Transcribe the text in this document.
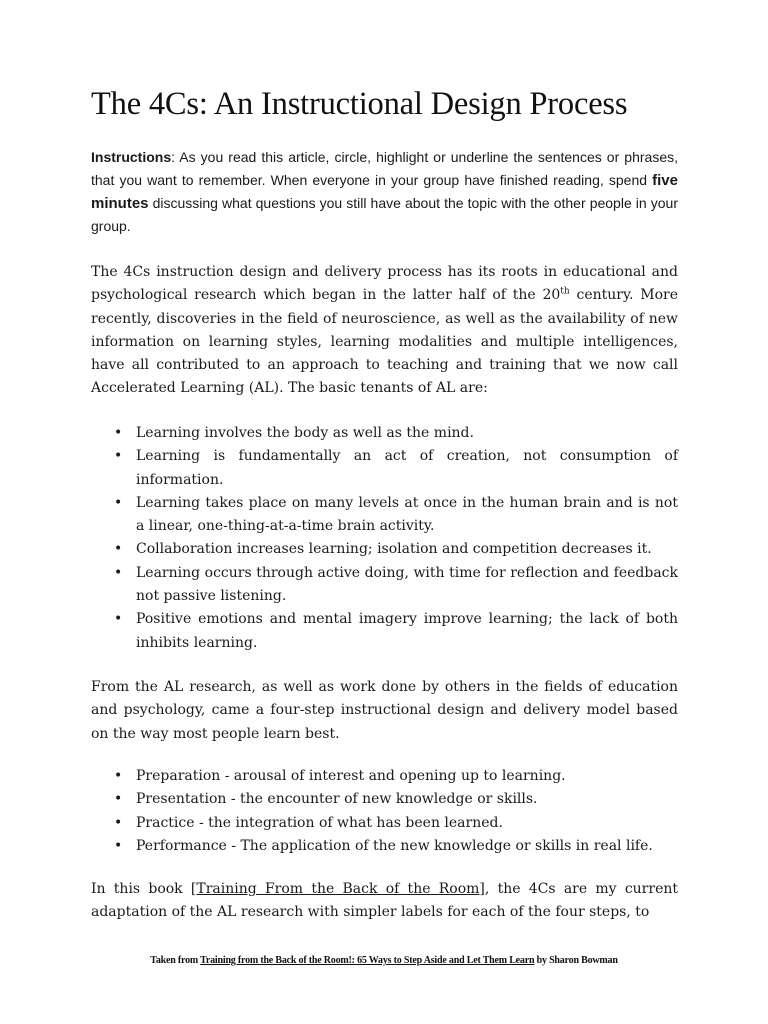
The 4Cs: An Instructional Design Process

Instructions: As you read this article, circle, highlight or underline the sentences or phrases, that you want to remember. When everyone in your group have finished reading, spend five minutes discussing what questions you still have about the topic with the other people in your group.

The 4Cs instruction design and delivery process has its roots in educational and psychological research which began in the latter half of the 20th century. More recently, discoveries in the field of neuroscience, as well as the availability of new information on learning styles, learning modalities and multiple intelligences, have all contributed to an approach to teaching and training that we now call Accelerated Learning (AL). The basic tenants of AL are:

• Learning involves the body as well as the mind.
• Learning is fundamentally an act of creation, not consumption of information.
• Learning takes place on many levels at once in the human brain and is not a linear, one-thing-at-a-time brain activity.
• Collaboration increases learning; isolation and competition decreases it.
• Learning occurs through active doing, with time for reflection and feedback not passive listening.
• Positive emotions and mental imagery improve learning; the lack of both inhibits learning.

From the AL research, as well as work done by others in the fields of education and psychology, came a four-step instructional design and delivery model based on the way most people learn best.

• Preparation - arousal of interest and opening up to learning.
• Presentation - the encounter of new knowledge or skills.
• Practice - the integration of what has been learned.
• Performance - The application of the new knowledge or skills in real life.

In this book [Training From the Back of the Room], the 4Cs are my current adaptation of the AL research with simpler labels for each of the four steps, to

Taken from Training from the Back of the Room!: 65 Ways to Step Aside and Let Them Learn by Sharon Bowman
